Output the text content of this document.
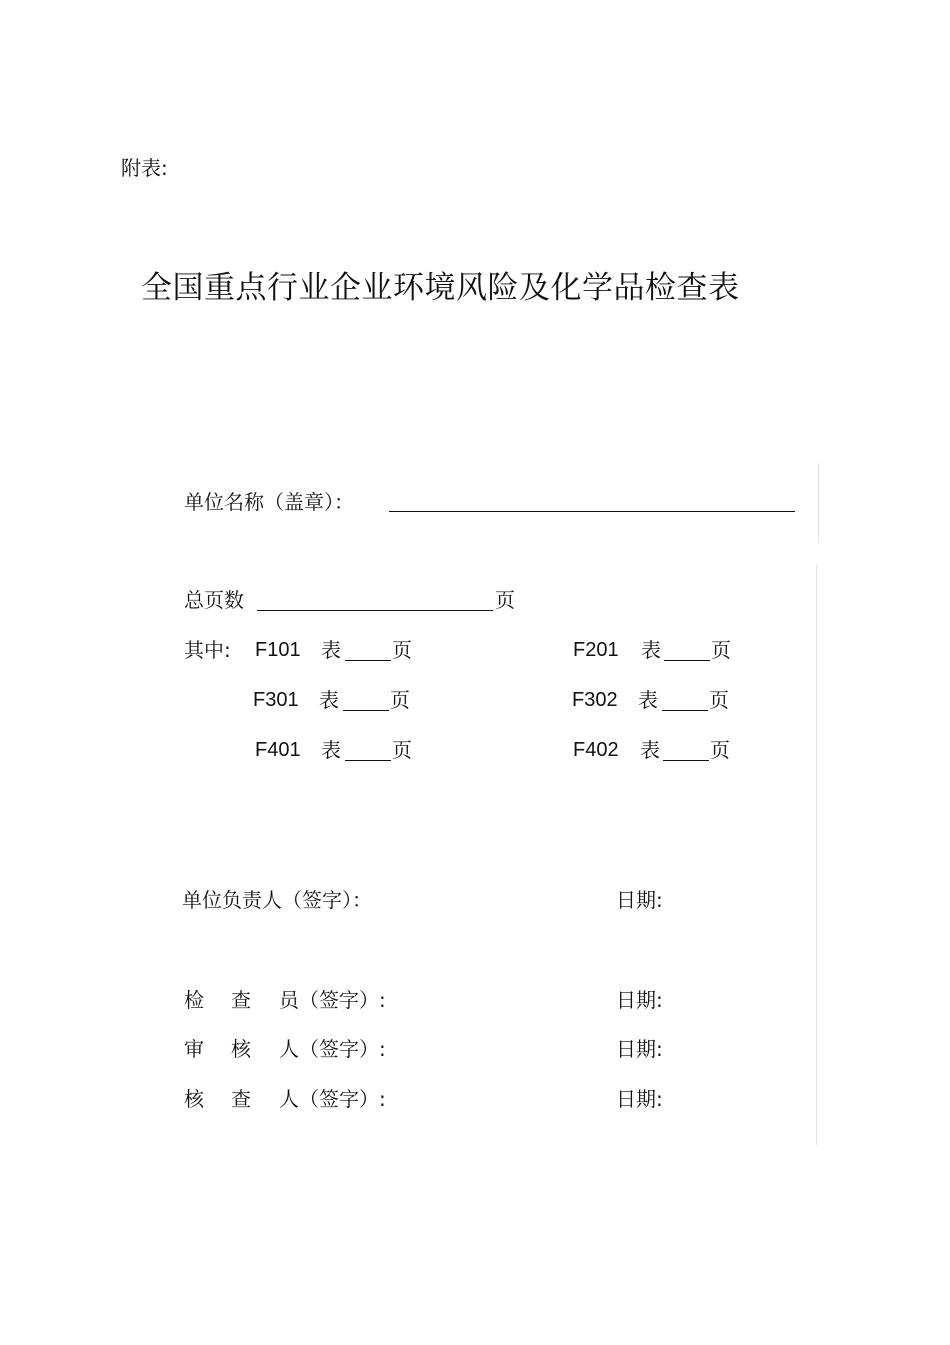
附表:
全国重点行业企业环境风险及化学品检查表
单位名称（盖章）：
总页数	页
其中: F101 表	页	F201 表	页
F301 表	页	F302 表	页
F401 表	页	F402 表	页
单位负责人（签字）：	日期:
检 查 员（签字）:	日期:
审 核 人（签字）:	日期:
核 查 人（签字）:	日期:
